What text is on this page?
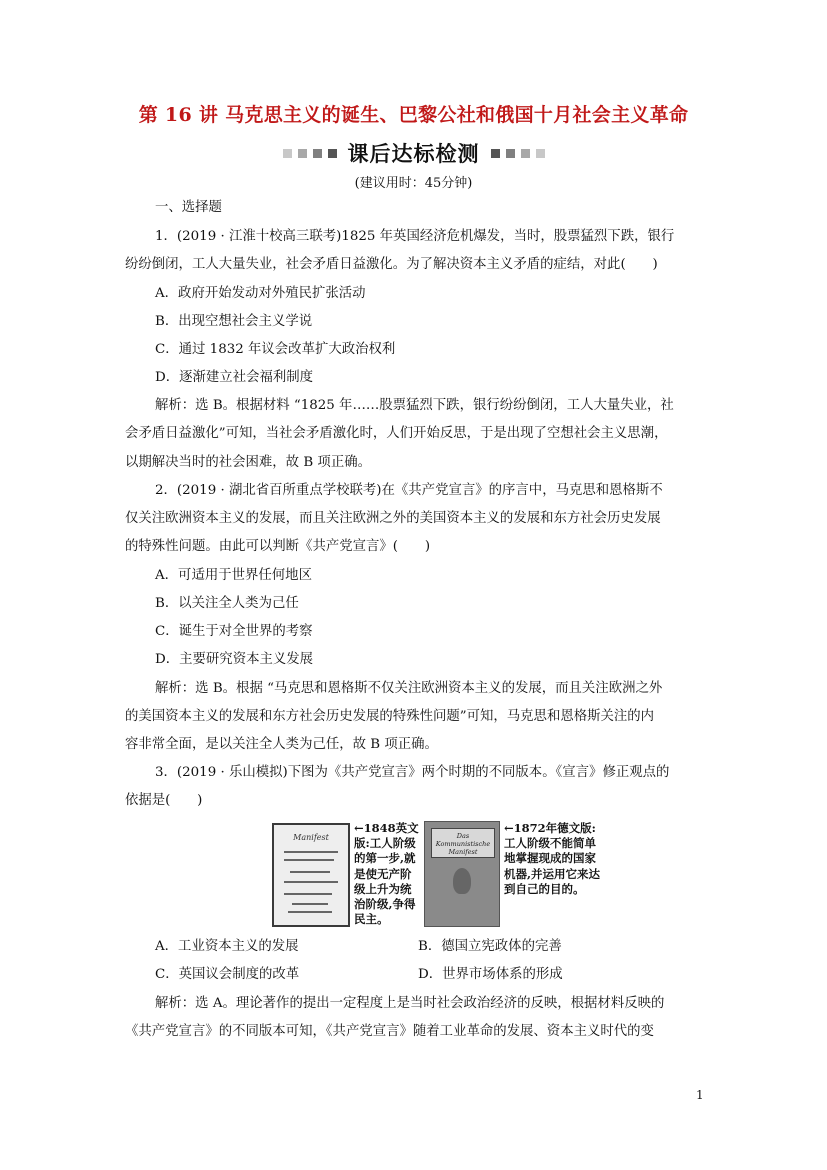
第 16 讲 马克思主义的诞生、巴黎公社和俄国十月社会主义革命
课后达标检测
(建议用时：45分钟)
一、选择题
1．(2019 · 江淮十校高三联考)1825 年英国经济危机爆发，当时，股票猛烈下跌，银行
纷纷倒闭，工人大量失业，社会矛盾日益激化。为了解决资本主义矛盾的症结，对此(　　)
A．政府开始发动对外殖民扩张活动
B．出现空想社会主义学说
C．通过 1832 年议会改革扩大政治权利
D．逐渐建立社会福利制度
解析：选 B。根据材料 “1825 年……股票猛烈下跌，银行纷纷倒闭，工人大量失业，社
会矛盾日益激化”可知，当社会矛盾激化时，人们开始反思，于是出现了空想社会主义思潮，
以期解决当时的社会困难，故 B 项正确。
2．(2019 · 湖北省百所重点学校联考)在《共产党宣言》的序言中，马克思和恩格斯不
仅关注欧洲资本主义的发展，而且关注欧洲之外的美国资本主义的发展和东方社会历史发展
的特殊性问题。由此可以判断《共产党宣言》(　　)
A．可适用于世界任何地区
B．以关注全人类为己任
C．诞生于对全世界的考察
D．主要研究资本主义发展
解析：选 B。根据 “马克思和恩格斯不仅关注欧洲资本主义的发展，而且关注欧洲之外
的美国资本主义的发展和东方社会历史发展的特殊性问题”可知，马克思和恩格斯关注的内
容非常全面，是以关注全人类为己任，故 B 项正确。
3．(2019 · 乐山模拟)下图为《共产党宣言》两个时期的不同版本。《宣言》修正观点的
依据是(　　)
Manifest
←1848英文版:工人阶级的第一步,就是使无产阶级上升为统治阶级,争得民主。
Das Kommunistische Manifest
←1872年德文版:工人阶级不能简单地掌握现成的国家机器,并运用它来达到自己的目的。
A．工业资本主义的发展	B．德国立宪政体的完善
C．英国议会制度的改革	D．世界市场体系的形成
解析：选 A。理论著作的提出一定程度上是当时社会政治经济的反映，根据材料反映的
《共产党宣言》的不同版本可知，《共产党宣言》随着工业革命的发展、资本主义时代的变
1
